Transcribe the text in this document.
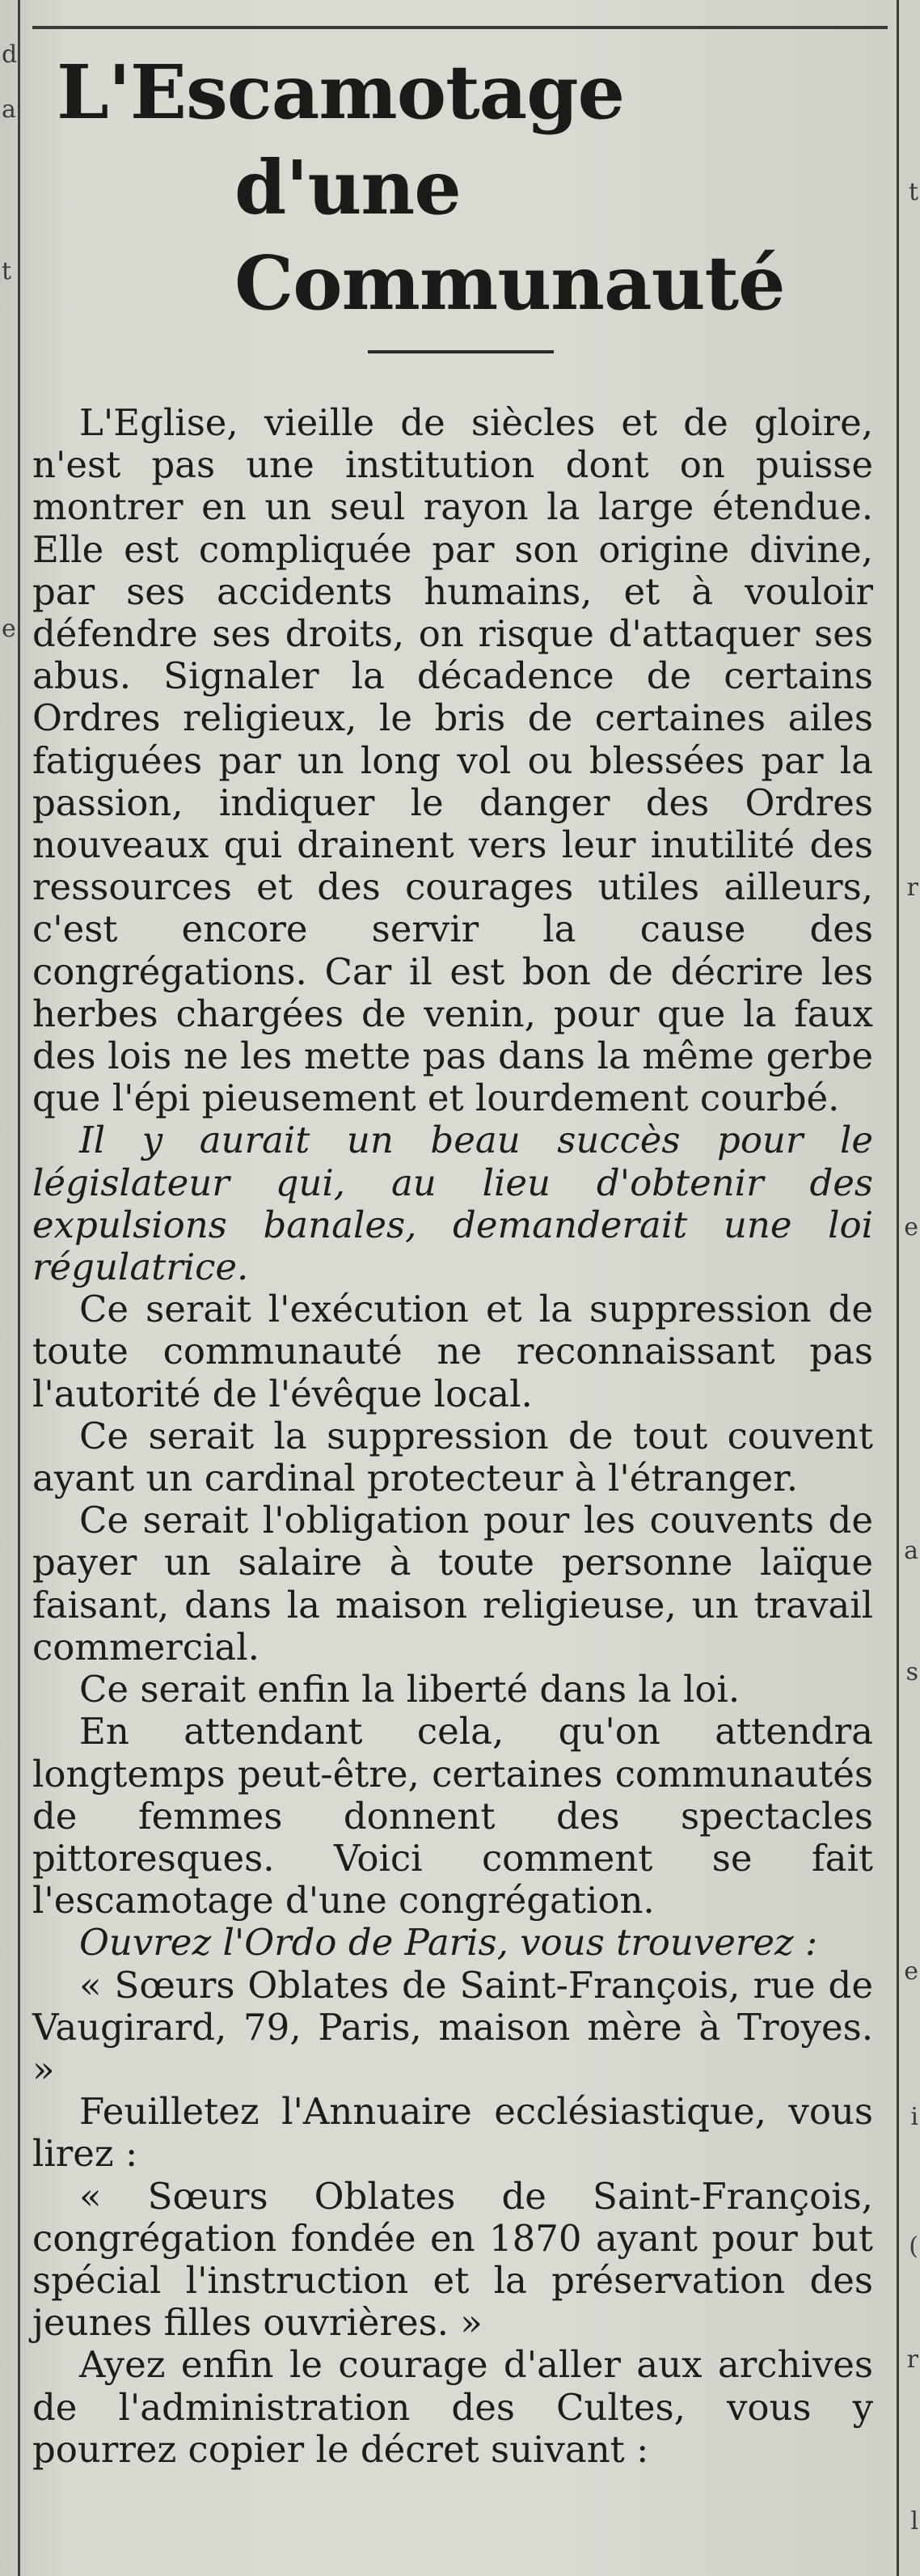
d
a
t
e
t
r
e
a
s
e
i
(
r
l
L'Escamotage
d'une Communauté

L'Eglise, vieille de siècles et de gloire, n'est pas une institution dont on puisse montrer en un seul rayon la large étendue. Elle est compliquée par son origine divine, par ses accidents humains, et à vouloir défendre ses droits, on risque d'attaquer ses abus. Signaler la décadence de certains Ordres religieux, le bris de certaines ailes fatiguées par un long vol ou blessées par la passion, indiquer le danger des Ordres nouveaux qui drainent vers leur inutilité des ressources et des courages utiles ailleurs, c'est encore servir la cause des congrégations. Car il est bon de décrire les herbes chargées de venin, pour que la faux des lois ne les mette pas dans la même gerbe que l'épi pieusement et lourdement courbé.

Il y aurait un beau succès pour le législateur qui, au lieu d'obtenir des expulsions banales, demanderait une loi régulatrice.

Ce serait l'exécution et la suppression de toute communauté ne reconnaissant pas l'autorité de l'évêque local.

Ce serait la suppression de tout couvent ayant un cardinal protecteur à l'étranger.

Ce serait l'obligation pour les couvents de payer un salaire à toute personne laïque faisant, dans la maison religieuse, un travail commercial.

Ce serait enfin la liberté dans la loi.

En attendant cela, qu'on attendra longtemps peut-être, certaines communautés de femmes donnent des spectacles pittoresques. Voici comment se fait l'escamotage d'une congrégation.

Ouvrez l'Ordo de Paris, vous trouverez :

« Sœurs Oblates de Saint-François, rue de Vaugirard, 79, Paris, maison mère à Troyes. »

Feuilletez l'Annuaire ecclésiastique, vous lirez :

« Sœurs Oblates de Saint-François, congrégation fondée en 1870 ayant pour but spécial l'instruction et la préservation des jeunes filles ouvrières. »

Ayez enfin le courage d'aller aux archives de l'administration des Cultes, vous y pourrez copier le décret suivant :
